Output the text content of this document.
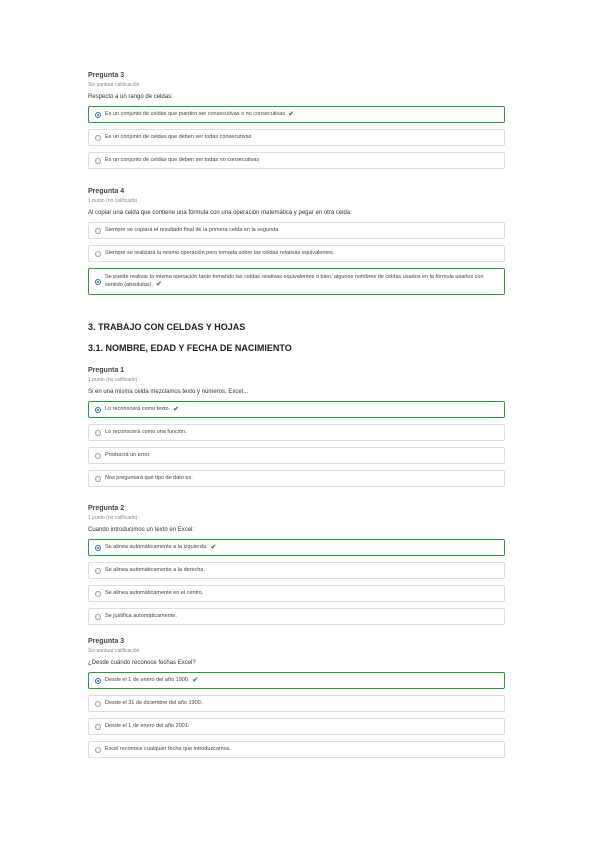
Pregunta 3
Sin puntuar calificación
Respecto a un rango de celdas:
Es un conjunto de celdas que pueden ser consecutivas o no consecutivas ✔
Es un conjunto de celdas que deben ser todas consecutivas
Es un conjunto de celdas que deben ser todas no consecutivas
Pregunta 4
1 punto (no calificado)
Al copiar una celda que contiene una fórmula con una operación matemática y pegar en otra celda:
Siempre se copiará el resultado final de la primera celda en la segunda
Siempre se realizará la misma operación pero tomada sobre las celdas relativas equivalentes.
Se puede realizar la misma operación tanto tomando las celdas relativas equivalentes o bien, algunos nombres de celdas usados en la fórmula usarlos con sentido (absolutas). ✔
3. TRABAJO CON CELDAS Y HOJAS
3.1. NOMBRE, EDAD Y FECHA DE NACIMIENTO
Pregunta 1
1 punto (no calificado)
Si en una misma celda mezclamos texto y números, Excel...
Lo reconocerá como texto. ✔
Lo reconocerá como una función.
Producirá un error.
Nos preguntará qué tipo de dato es.
Pregunta 2
1 punto (no calificado)
Cuando introducimos un texto en Excel:
Se alinea automáticamente a la izquierda. ✔
Se alinea automáticamente a la derecha.
Se alinea automáticamente en el centro.
Se justifica automáticamente.
Pregunta 3
Sin puntuar calificación
¿Desde cuándo reconoce fechas Excel?
Desde el 1 de enero del año 1900. ✔
Desde el 31 de diciembre del año 1900.
Desde el 1 de enero del año 2001.
Excel reconoce cualquier fecha que introduzcamos.
